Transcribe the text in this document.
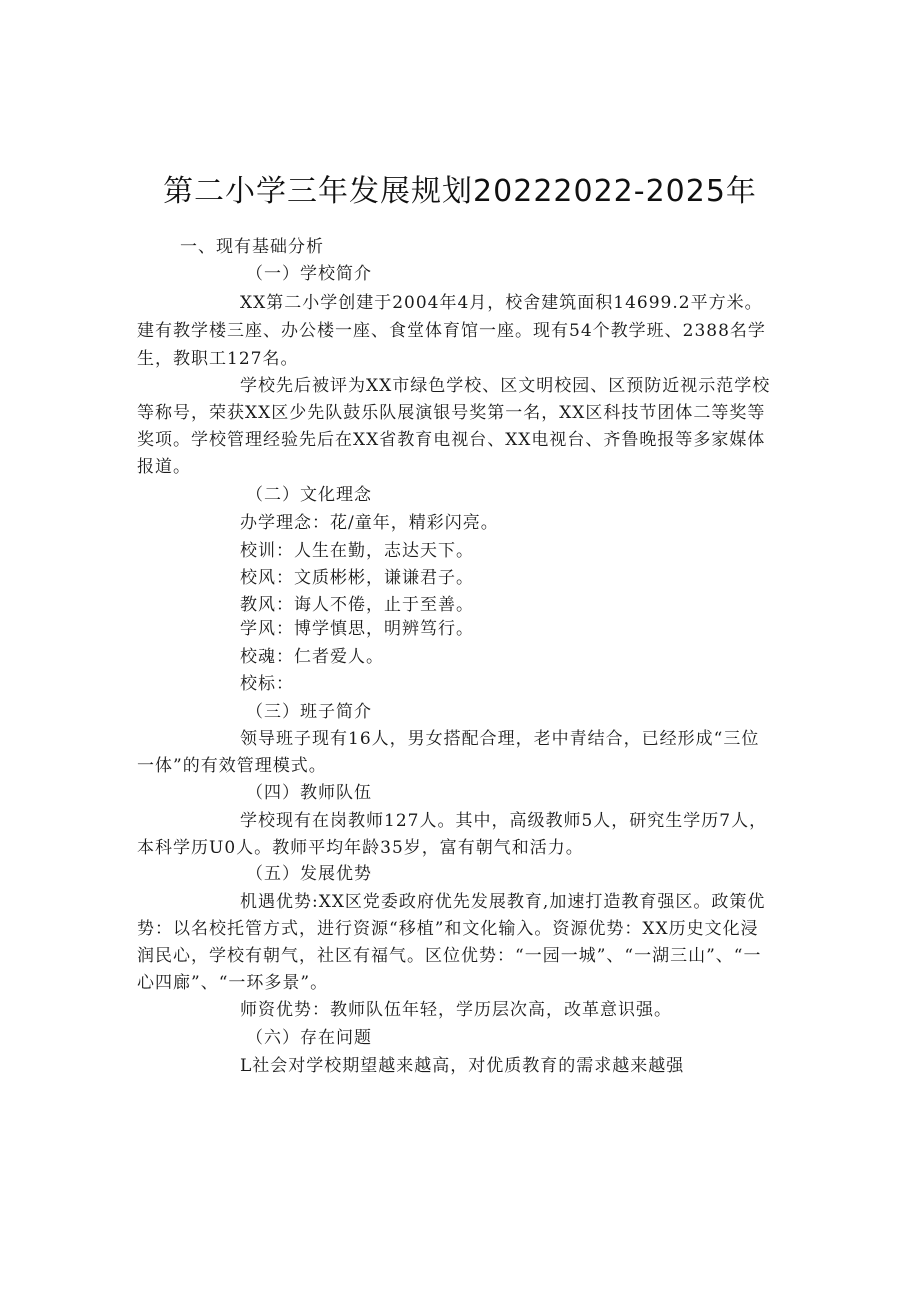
第二小学三年发展规划20222022-2025年
一、现有基础分析
（一）学校简介
XX第二小学创建于2004年4月，校舍建筑面积14699.2平方米。
建有教学楼三座、办公楼一座、食堂体育馆一座。现有54个教学班、2388名学
生，教职工127名。
学校先后被评为XX市绿色学校、区文明校园、区预防近视示范学校
等称号，荣获XX区少先队鼓乐队展演银号奖第一名，XX区科技节团体二等奖等
奖项。学校管理经验先后在XX省教育电视台、XX电视台、齐鲁晚报等多家媒体
报道。
（二）文化理念
办学理念：花/童年，精彩闪亮。
校训：人生在勤，志达天下。
校风：文质彬彬，谦谦君子。
教风：诲人不倦，止于至善。
学风：博学慎思，明辨笃行。
校魂：仁者爱人。
校标：
（三）班子简介
领导班子现有16人，男女搭配合理，老中青结合，已经形成“三位
一体”的有效管理模式。
（四）教师队伍
学校现有在岗教师127人。其中，高级教师5人，研究生学历7人，
本科学历U0人。教师平均年龄35岁，富有朝气和活力。
（五）发展优势
机遇优势:XX区党委政府优先发展教育,加速打造教育强区。政策优
势：以名校托管方式，进行资源“移植”和文化输入。资源优势：XX历史文化浸
润民心，学校有朝气，社区有福气。区位优势：“一园一城”、“一湖三山”、“一
心四廊”、“一环多景”。
师资优势：教师队伍年轻，学历层次高，改革意识强。
（六）存在问题
L社会对学校期望越来越高，对优质教育的需求越来越强
